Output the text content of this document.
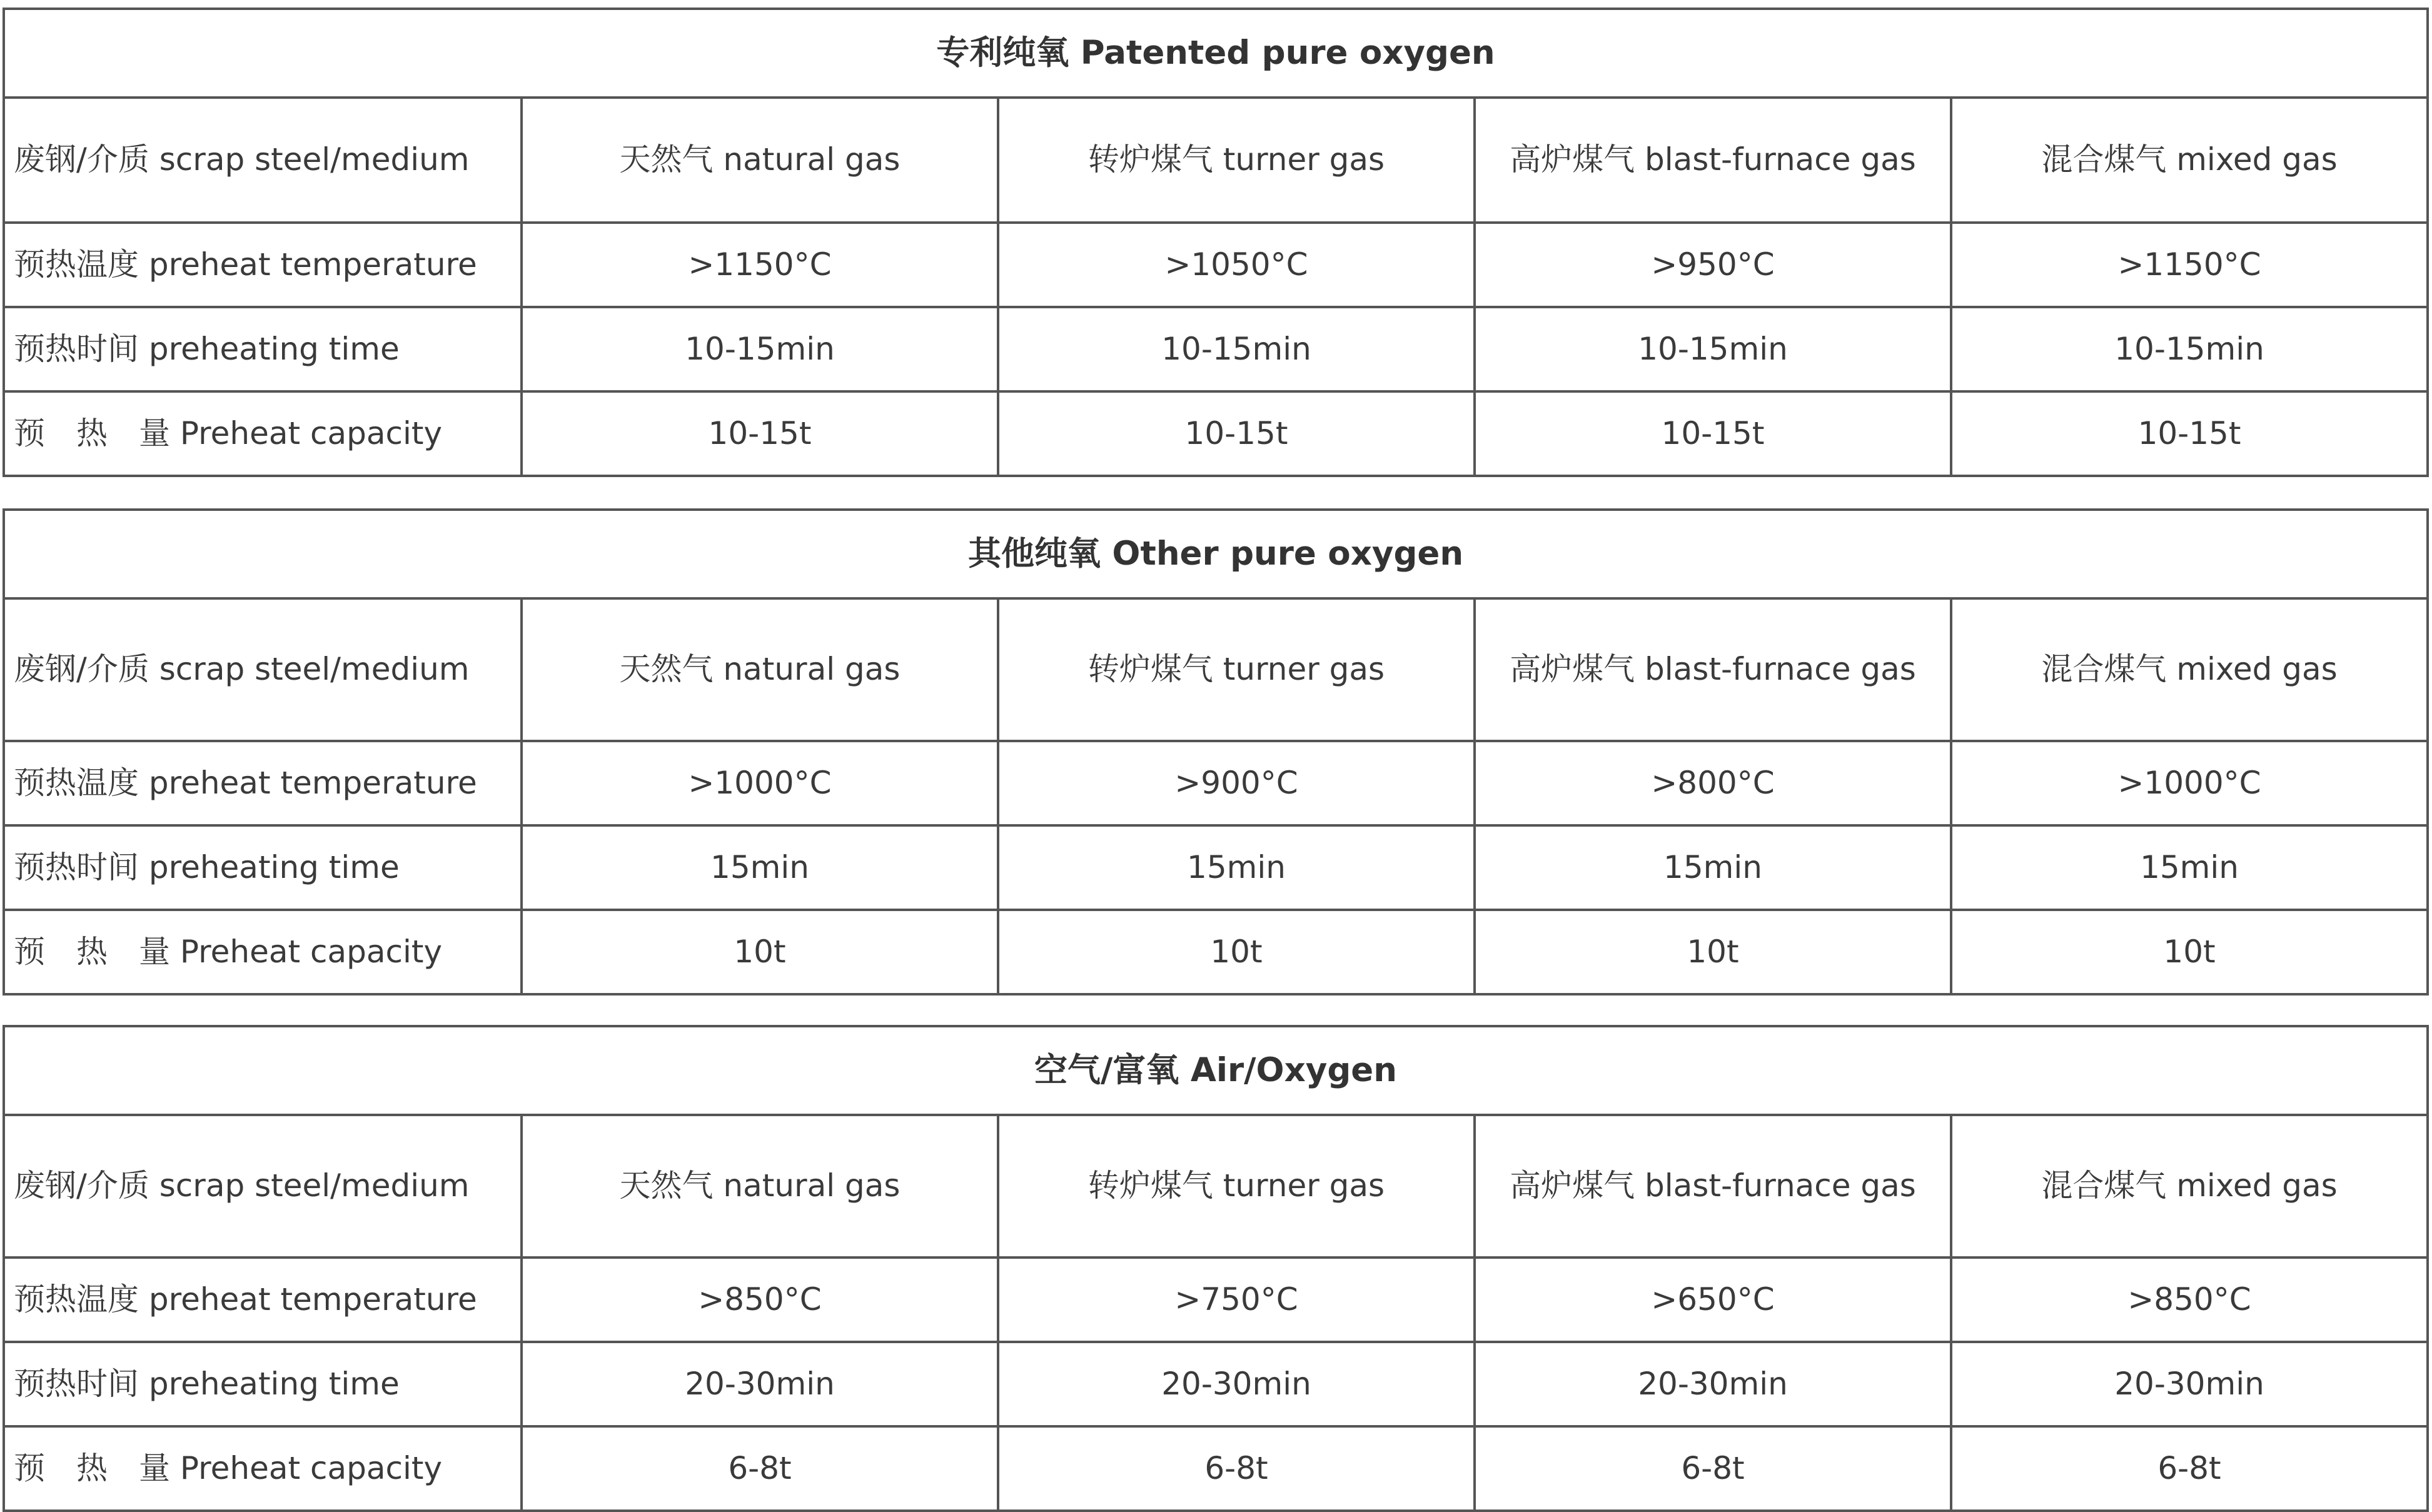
专利纯氧 Patented pure oxygen				
废钢/介质 scrap steel/medium	天然气 natural gas	转炉煤气 turner gas	高炉煤气 blast-furnace gas	混合煤气 mixed gas
预热温度 preheat temperature	>1150°C	>1050°C	>950°C	>1150°C
预热时间 preheating time	10-15min	10-15min	10-15min	10-15min
预　热　量 Preheat capacity	10-15t	10-15t	10-15t	10-15t
其他纯氧 Other pure oxygen				
废钢/介质 scrap steel/medium	天然气 natural gas	转炉煤气 turner gas	高炉煤气 blast-furnace gas	混合煤气 mixed gas
预热温度 preheat temperature	>1000°C	>900°C	>800°C	>1000°C
预热时间 preheating time	15min	15min	15min	15min
预　热　量 Preheat capacity	10t	10t	10t	10t
空气/富氧 Air/Oxygen				
废钢/介质 scrap steel/medium	天然气 natural gas	转炉煤气 turner gas	高炉煤气 blast-furnace gas	混合煤气 mixed gas
预热温度 preheat temperature	>850°C	>750°C	>650°C	>850°C
预热时间 preheating time	20-30min	20-30min	20-30min	20-30min
预　热　量 Preheat capacity	6-8t	6-8t	6-8t	6-8t
